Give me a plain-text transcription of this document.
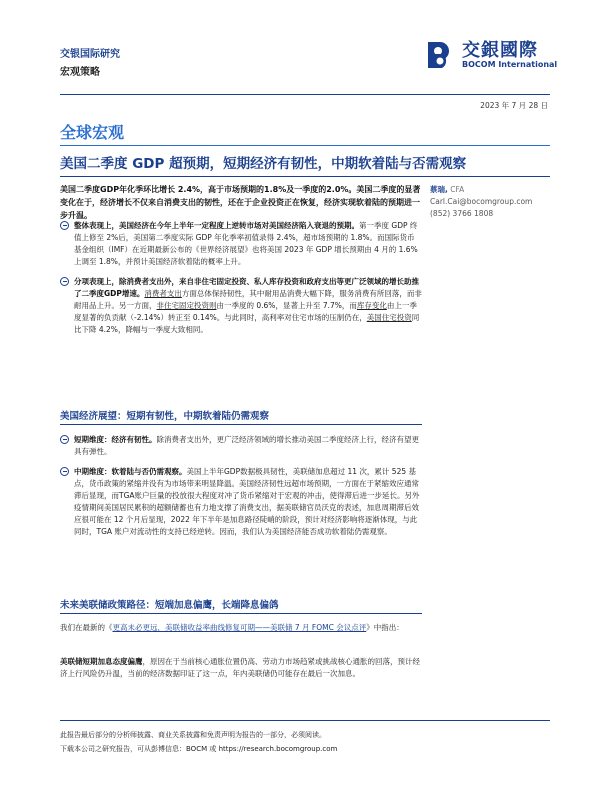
交银国际研究
宏观策略
交銀國際
BOCOM International
2023 年 7 月 28 日
全球宏观
美国二季度 GDP 超预期，短期经济有韧性，中期软着陆与否需观察
美国二季度GDP年化季环比增长 2.4%，高于市场预期的1.8%及一季度的2.0%。美国二季度的显著变化在于，经济增长不仅来自消费支出的韧性，还在于企业投资正在恢复，经济实现软着陆的预期进一步升温。
蔡瑞, CFA
Carl.Cai@bocomgroup.com
(852) 3766 1808
整体表现上，美国经济在今年上半年一定程度上逆转市场对美国经济陷入衰退的预期。第一季度 GDP 终值上修至 2%后，美国第二季度实际 GDP 年化季率初值录得 2.4%，超市场预期的 1.8%。而国际货币基金组织（IMF）在近期最新公布的《世界经济展望》也将美国 2023 年 GDP 增长预期由 4 月的 1.6%上调至 1.8%，并预计美国经济软着陆的概率上升。
分项表现上，除消费者支出外，来自非住宅固定投资、私人库存投资和政府支出等更广泛领域的增长助推了二季度GDP增速。消费者支出方面总体保持韧性，其中耐用品消费大幅下降，服务消费有所回落，而非耐用品上升。另一方面，非住宅固定投资则由一季度的 0.6%，显著上升至 7.7%，而库存变化由上一季度显著的负贡献（-2.14%）转正至 0.14%。与此同时，高利率对住宅市场的压制仍在，美国住宅投资同比下降 4.2%，降幅与一季度大致相同。
美国经济展望：短期有韧性，中期软着陆仍需观察
短期维度：经济有韧性。除消费者支出外，更广泛经济领域的增长推动美国二季度经济上行，经济有望更具有弹性。
中期维度：软着陆与否仍需观察。美国上半年GDP数据极具韧性，美联储加息超过 11 次，累计 525 基点，货币政策的紧缩并没有为市场带来明显降温。美国经济韧性远超市场预期，一方面在于紧缩效应通常滞后显现，而TGA账户巨量的投放很大程度对冲了货币紧缩对于宏观的冲击，使得滞后进一步延长。另外疫情期间美国居民累积的超额储蓄也有力地支撑了消费支出，据美联储官员沃克的表述，加息周期滞后效应很可能在 12 个月后显现，2022 年下半年是加息路径陡峭的阶段，预计对经济影响将逐渐体现，与此同时，TGA 账户对流动性的支持已经逆转。因而，我们认为美国经济能否成功软着陆仍需观察。
未来美联储政策路径：短端加息偏鹰，长端降息偏鸽
我们在最新的《更高未必更远，美联储收益率曲线修复可期——美联储 7 月 FOMC 会议点评》中指出：
美联储短期加息态度偏鹰，原因在于当前核心通胀位置仍高、劳动力市场趋紧或挑战核心通胀的回落，预计经济上行风险仍升温，当前的经济数据印证了这一点，年内美联储仍可能存在最后一次加息。
此报告最后部分的分析师披露、商业关系披露和免责声明为报告的一部分，必须阅读。
下载本公司之研究报告，可从彭博信息：BOCM 或 https://research.bocomgroup.com
